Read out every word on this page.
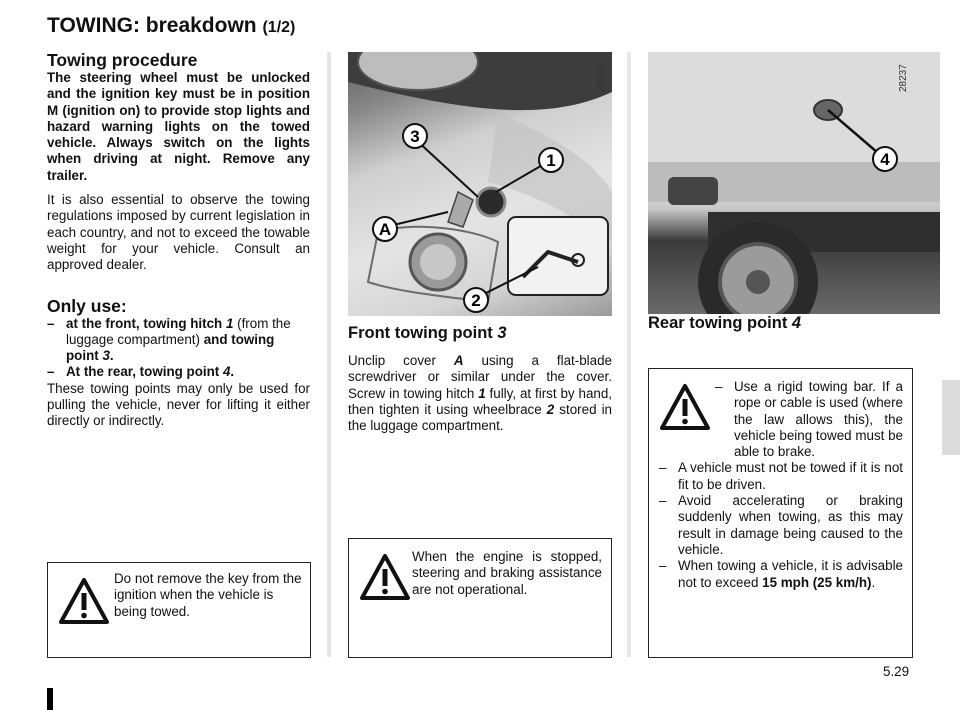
TOWING: breakdown (1/2)
Towing procedure

The steering wheel must be unlocked and the ignition key must be in position M (ignition on) to provide stop lights and hazard warning lights on the towed vehicle. Always switch on the lights when driving at night. Remove any trailer.

It is also essential to observe the towing regulations imposed by current legislation in each country, and not to exceed the towable weight for your vehicle. Consult an approved dealer.

Only use:
– at the front, towing hitch 1 (from the luggage compartment) and towing point 3.
– At the rear, towing point 4.

These towing points may only be used for pulling the vehicle, never for lifting it either directly or indirectly.

3
1
A
2
28045
4
28237
Front towing point 3

Unclip cover A using a flat-blade screwdriver or similar under the cover. Screw in towing hitch 1 fully, at first by hand, then tighten it using wheelbrace 2 stored in the luggage compartment.

Rear towing point 4
Do not remove the key from the ignition when the vehicle is being towed.
When the engine is stopped, steering and braking assistance are not operational.
– Use a rigid towing bar. If a rope or cable is used (where the law allows this), the vehicle being towed must be able to brake.
– A vehicle must not be towed if it is not fit to be driven.
– Avoid accelerating or braking suddenly when towing, as this may result in damage being caused to the vehicle.
– When towing a vehicle, it is advisable not to exceed 15 mph (25 km/h).
5.29
